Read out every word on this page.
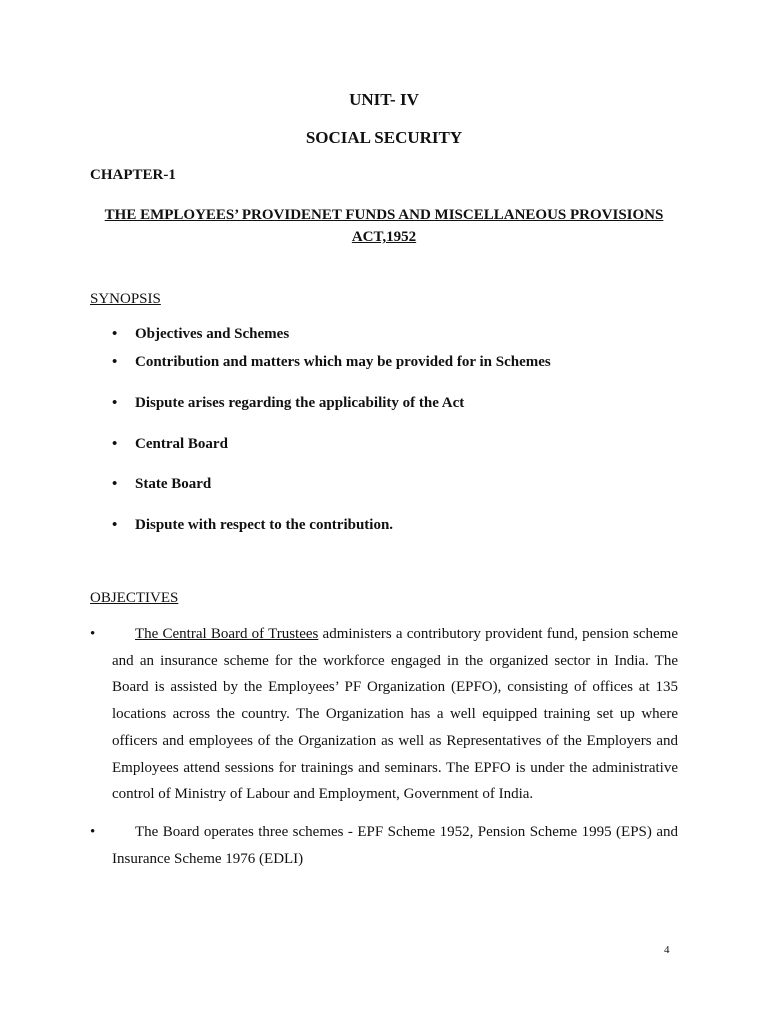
UNIT- IV
SOCIAL SECURITY
CHAPTER-1
THE EMPLOYEES’ PROVIDENET FUNDS AND MISCELLANEOUS PROVISIONS
ACT,1952
SYNOPSIS
• Objectives and Schemes
• Contribution and matters which may be provided for in Schemes
• Dispute arises regarding the applicability of the Act
• Central Board
• State Board
• Dispute with respect to the contribution.
OBJECTIVES
•	The Central Board of Trustees administers a contributory provident fund, pension scheme and an insurance scheme for the workforce engaged in the organized sector in India. The Board is assisted by the Employees’ PF Organization (EPFO), consisting of offices at 135 locations across the country. The Organization has a well equipped training set up where officers and employees of the Organization as well as Representatives of the Employers and Employees attend sessions for trainings and seminars. The EPFO is under the administrative control of Ministry of Labour and Employment, Government of India.
•	The Board operates three schemes - EPF Scheme 1952, Pension Scheme 1995 (EPS) and Insurance Scheme 1976 (EDLI)
4
